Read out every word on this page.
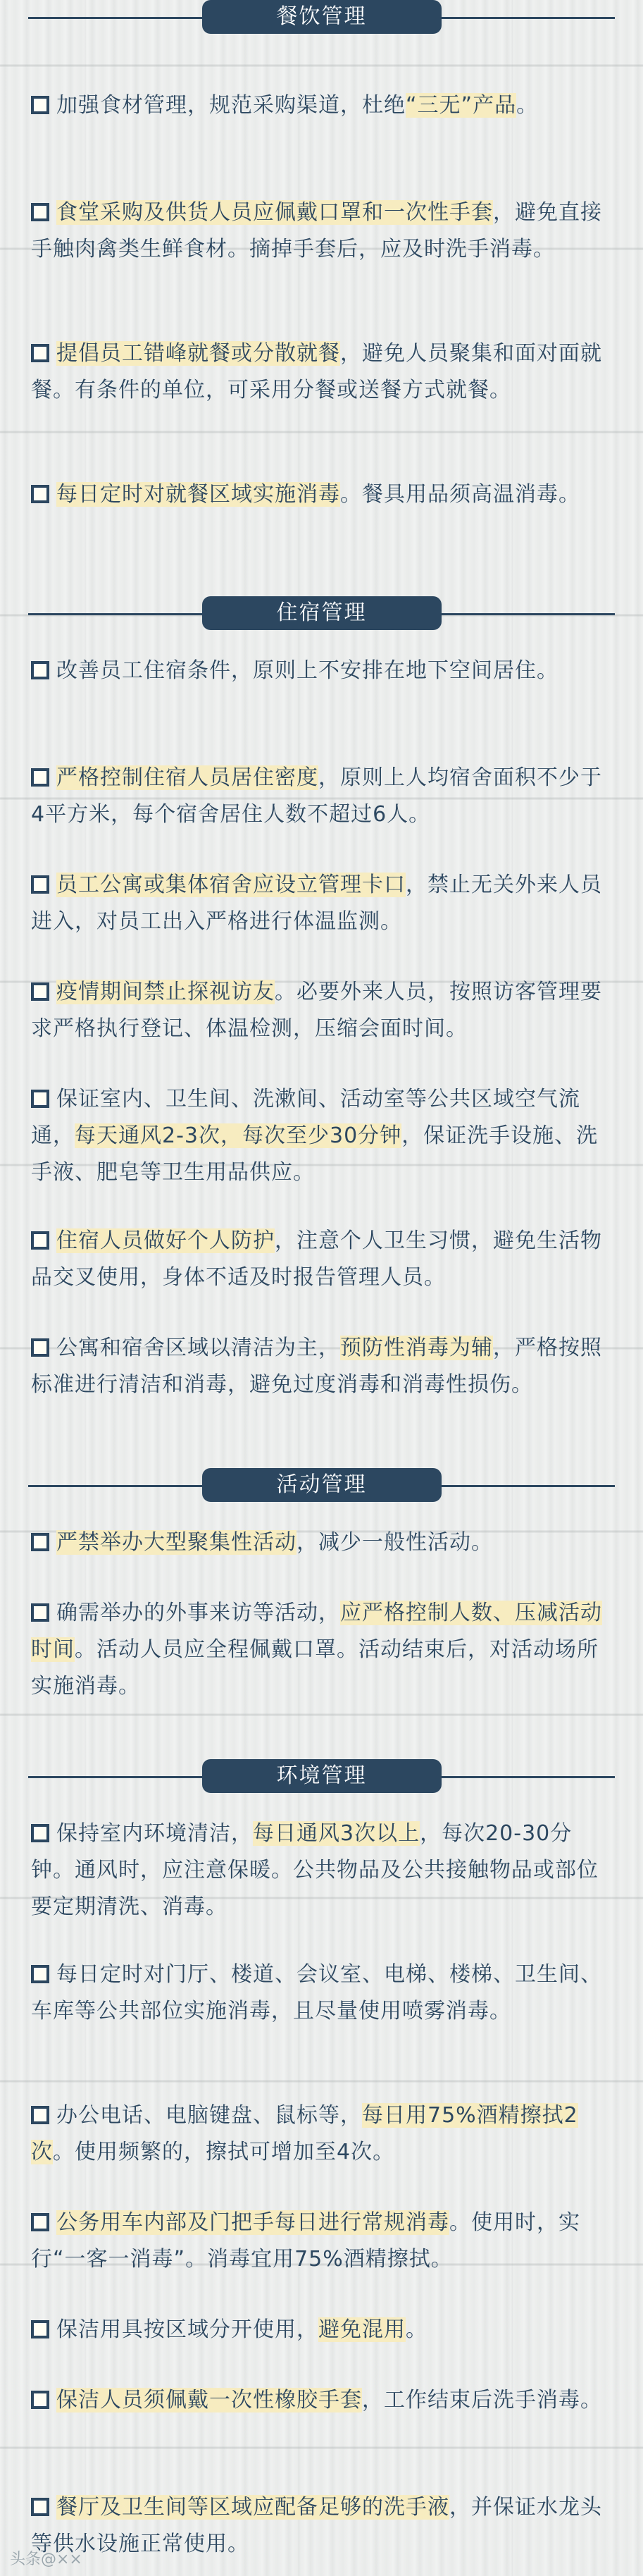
餐饮管理
加强食材管理，规范采购渠道，杜绝“三无”产品。
食堂采购及供货人员应佩戴口罩和一次性手套，避免直接手触肉禽类生鲜食材。摘掉手套后，应及时洗手消毒。
提倡员工错峰就餐或分散就餐，避免人员聚集和面对面就餐。有条件的单位，可采用分餐或送餐方式就餐。
每日定时对就餐区域实施消毒。餐具用品须高温消毒。
住宿管理
改善员工住宿条件，原则上不安排在地下空间居住。
严格控制住宿人员居住密度，原则上人均宿舍面积不少于4平方米，每个宿舍居住人数不超过6人。
员工公寓或集体宿舍应设立管理卡口，禁止无关外来人员进入，对员工出入严格进行体温监测。
疫情期间禁止探视访友。必要外来人员，按照访客管理要求严格执行登记、体温检测，压缩会面时间。
保证室内、卫生间、洗漱间、活动室等公共区域空气流通，每天通风2-3次，每次至少30分钟，保证洗手设施、洗手液、肥皂等卫生用品供应。
住宿人员做好个人防护，注意个人卫生习惯，避免生活物品交叉使用，身体不适及时报告管理人员。
公寓和宿舍区域以清洁为主，预防性消毒为辅，严格按照标准进行清洁和消毒，避免过度消毒和消毒性损伤。
活动管理
严禁举办大型聚集性活动，减少一般性活动。
确需举办的外事来访等活动，应严格控制人数、压减活动时间。活动人员应全程佩戴口罩。活动结束后，对活动场所实施消毒。
环境管理
保持室内环境清洁，每日通风3次以上，每次20-30分钟。通风时，应注意保暖。公共物品及公共接触物品或部位要定期清洗、消毒。
每日定时对门厅、楼道、会议室、电梯、楼梯、卫生间、车库等公共部位实施消毒，且尽量使用喷雾消毒。
办公电话、电脑键盘、鼠标等，每日用75%酒精擦拭2次。使用频繁的，擦拭可增加至4次。
公务用车内部及门把手每日进行常规消毒。使用时，实行“一客一消毒”。消毒宜用75%酒精擦拭。
保洁用具按区域分开使用，避免混用。
保洁人员须佩戴一次性橡胶手套，工作结束后洗手消毒。
餐厅及卫生间等区域应配备足够的洗手液，并保证水龙头等供水设施正常使用。
头条@××
